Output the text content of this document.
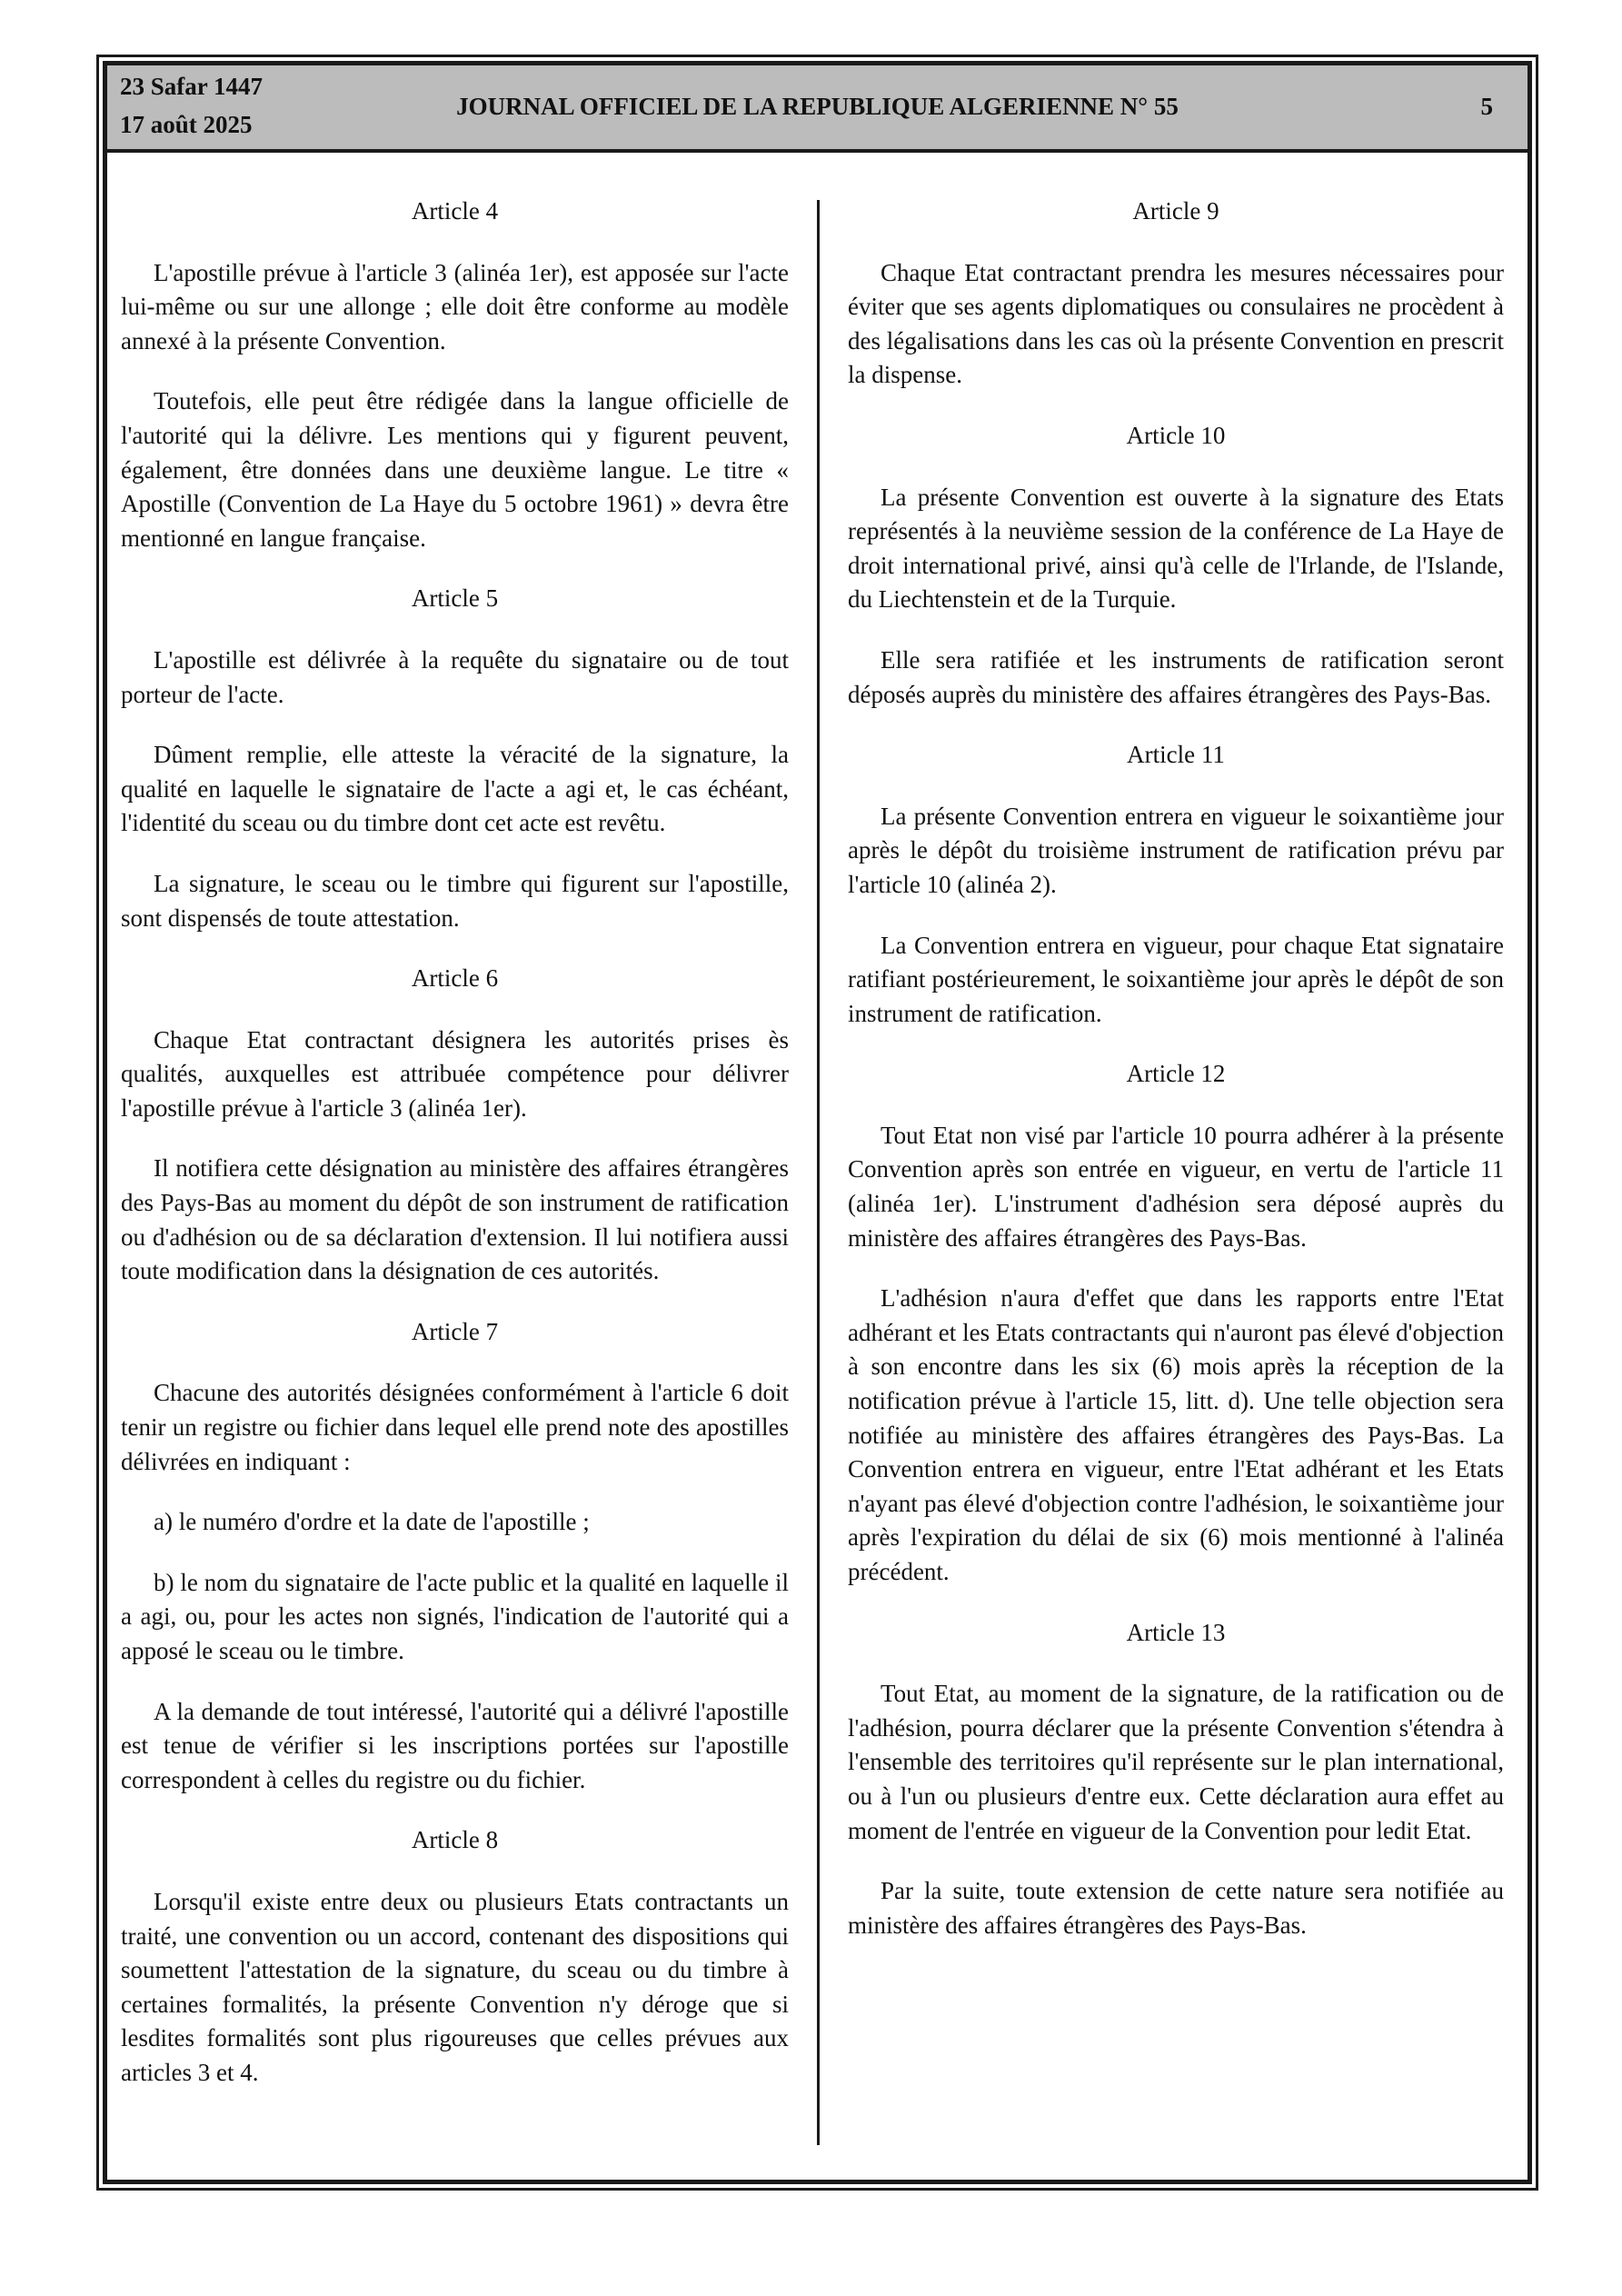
23 Safar 1447
17 août 2025
JOURNAL OFFICIEL DE LA REPUBLIQUE ALGERIENNE N° 55	5
Article 4
L'apostille prévue à l'article 3 (alinéa 1er), est apposée sur l'acte lui-même ou sur une allonge ; elle doit être conforme au modèle annexé à la présente Convention.
Toutefois, elle peut être rédigée dans la langue officielle de l'autorité qui la délivre. Les mentions qui y figurent peuvent, également, être données dans une deuxième langue. Le titre « Apostille (Convention de La Haye du 5 octobre 1961) » devra être mentionné en langue française.
Article 5
L'apostille est délivrée à la requête du signataire ou de tout porteur de l'acte.
Dûment remplie, elle atteste la véracité de la signature, la qualité en laquelle le signataire de l'acte a agi et, le cas échéant, l'identité du sceau ou du timbre dont cet acte est revêtu.
La signature, le sceau ou le timbre qui figurent sur l'apostille, sont dispensés de toute attestation.
Article 6
Chaque Etat contractant désignera les autorités prises ès qualités, auxquelles est attribuée compétence pour délivrer l'apostille prévue à l'article 3 (alinéa 1er).
Il notifiera cette désignation au ministère des affaires étrangères des Pays-Bas au moment du dépôt de son instrument de ratification ou d'adhésion ou de sa déclaration d'extension. Il lui notifiera aussi toute modification dans la désignation de ces autorités.
Article 7
Chacune des autorités désignées conformément à l'article 6 doit tenir un registre ou fichier dans lequel elle prend note des apostilles délivrées en indiquant :
a) le numéro d'ordre et la date de l'apostille ;
b) le nom du signataire de l'acte public et la qualité en laquelle il a agi, ou, pour les actes non signés, l'indication de l'autorité qui a apposé le sceau ou le timbre.
A la demande de tout intéressé, l'autorité qui a délivré l'apostille est tenue de vérifier si les inscriptions portées sur l'apostille correspondent à celles du registre ou du fichier.
Article 8
Lorsqu'il existe entre deux ou plusieurs Etats contractants un traité, une convention ou un accord, contenant des dispositions qui soumettent l'attestation de la signature, du sceau ou du timbre à certaines formalités, la présente Convention n'y déroge que si lesdites formalités sont plus rigoureuses que celles prévues aux articles 3 et 4.
Article 9
Chaque Etat contractant prendra les mesures nécessaires pour éviter que ses agents diplomatiques ou consulaires ne procèdent à des légalisations dans les cas où la présente Convention en prescrit la dispense.
Article 10
La présente Convention est ouverte à la signature des Etats représentés à la neuvième session de la conférence de La Haye de droit international privé, ainsi qu'à celle de l'Irlande, de l'Islande, du Liechtenstein et de la Turquie.
Elle sera ratifiée et les instruments de ratification seront déposés auprès du ministère des affaires étrangères des Pays-Bas.
Article 11
La présente Convention entrera en vigueur le soixantième jour après le dépôt du troisième instrument de ratification prévu par l'article 10 (alinéa 2).
La Convention entrera en vigueur, pour chaque Etat signataire ratifiant postérieurement, le soixantième jour après le dépôt de son instrument de ratification.
Article 12
Tout Etat non visé par l'article 10 pourra adhérer à la présente Convention après son entrée en vigueur, en vertu de l'article 11 (alinéa 1er). L'instrument d'adhésion sera déposé auprès du ministère des affaires étrangères des Pays-Bas.
L'adhésion n'aura d'effet que dans les rapports entre l'Etat adhérant et les Etats contractants qui n'auront pas élevé d'objection à son encontre dans les six (6) mois après la réception de la notification prévue à l'article 15, litt. d). Une telle objection sera notifiée au ministère des affaires étrangères des Pays-Bas. La Convention entrera en vigueur, entre l'Etat adhérant et les Etats n'ayant pas élevé d'objection contre l'adhésion, le soixantième jour après l'expiration du délai de six (6) mois mentionné à l'alinéa précédent.
Article 13
Tout Etat, au moment de la signature, de la ratification ou de l'adhésion, pourra déclarer que la présente Convention s'étendra à l'ensemble des territoires qu'il représente sur le plan international, ou à l'un ou plusieurs d'entre eux. Cette déclaration aura effet au moment de l'entrée en vigueur de la Convention pour ledit Etat.
Par la suite, toute extension de cette nature sera notifiée au ministère des affaires étrangères des Pays-Bas.
